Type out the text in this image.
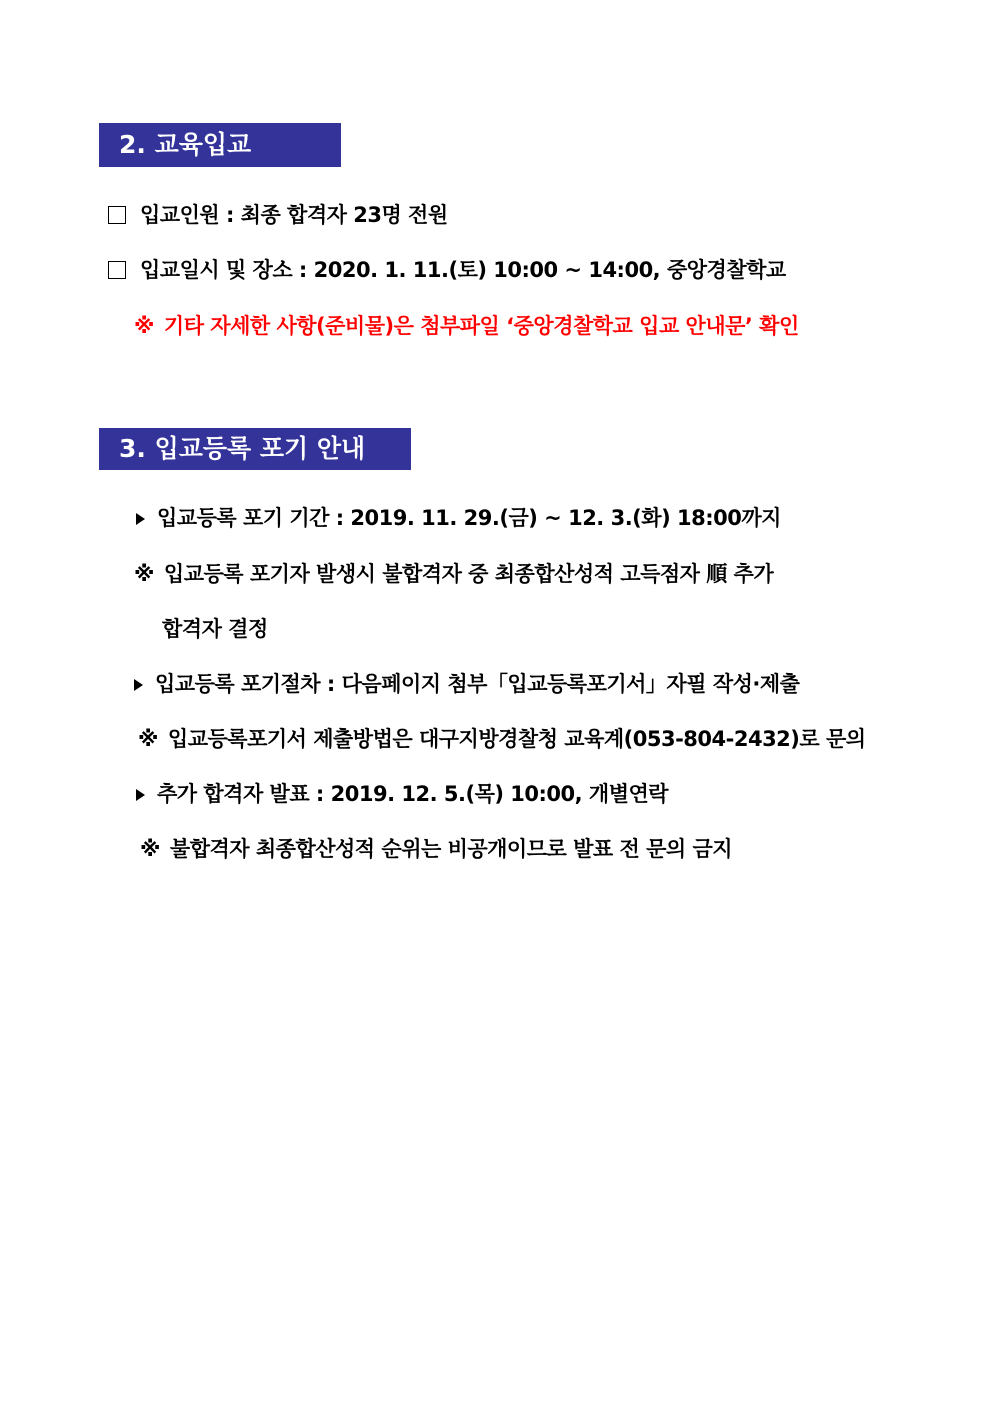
2. 교육입교
입교인원 : 최종 합격자 23명 전원
입교일시 및 장소 : 2020. 1. 11.(토) 10:00 ~ 14:00, 중앙경찰학교
※ 기타 자세한 사항(준비물)은 첨부파일 ‘중앙경찰학교 입교 안내문’ 확인
3. 입교등록 포기 안내
입교등록 포기 기간 : 2019. 11. 29.(금) ~ 12. 3.(화) 18:00까지
※ 입교등록 포기자 발생시 불합격자 중 최종합산성적 고득점자 順 추가
합격자 결정
입교등록 포기절차 : 다음페이지 첨부「입교등록포기서」자필 작성·제출
※ 입교등록포기서 제출방법은 대구지방경찰청 교육계(053-804-2432)로 문의
추가 합격자 발표 : 2019. 12. 5.(목) 10:00, 개별연락
※ 불합격자 최종합산성적 순위는 비공개이므로 발표 전 문의 금지
